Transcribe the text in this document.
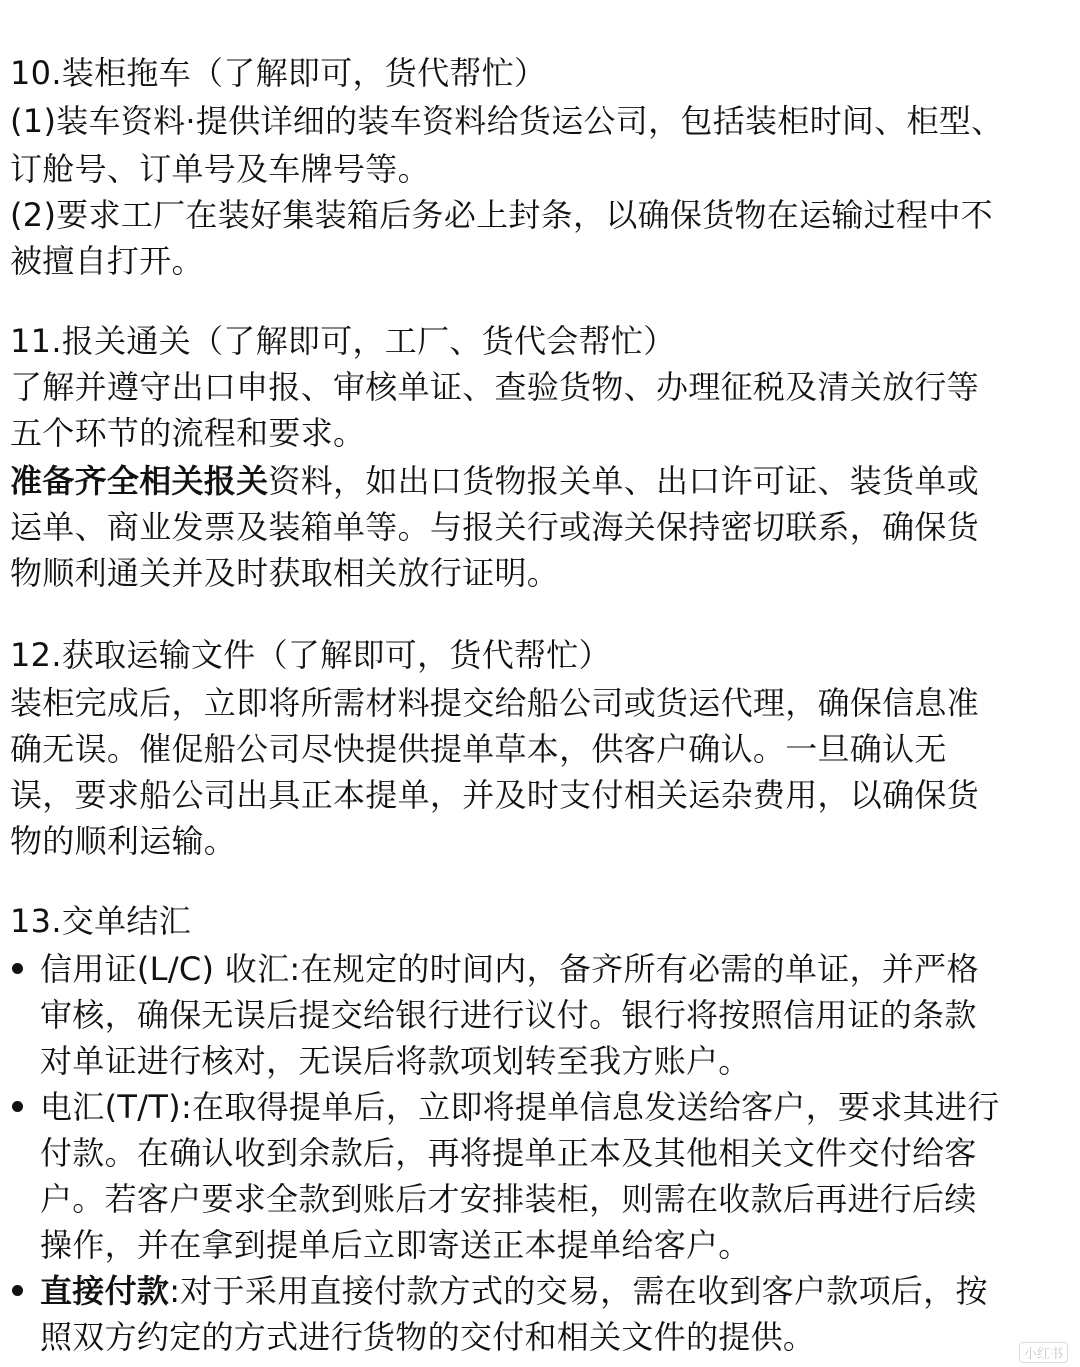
10.装柜拖车（了解即可，货代帮忙）
(1)装车资料·提供详细的装车资料给货运公司，包括装柜时间、柜型、
订舱号、订单号及车牌号等。
(2)要求工厂在装好集装箱后务必上封条，以确保货物在运输过程中不
被擅自打开。
11.报关通关（了解即可，工厂、货代会帮忙）
了解并遵守出口申报、审核单证、查验货物、办理征税及清关放行等
五个环节的流程和要求。
准备齐全相关报关资料，如出口货物报关单、出口许可证、装货单或
运单、商业发票及装箱单等。与报关行或海关保持密切联系，确保货
物顺利通关并及时获取相关放行证明。
12.获取运输文件（了解即可，货代帮忙）
装柜完成后，立即将所需材料提交给船公司或货运代理，确保信息准
确无误。催促船公司尽快提供提单草本，供客户确认。一旦确认无
误，要求船公司出具正本提单，并及时支付相关运杂费用，以确保货
物的顺利运输。
13.交单结汇
信用证(L/C) 收汇:在规定的时间内，备齐所有必需的单证，并严格
审核，确保无误后提交给银行进行议付。银行将按照信用证的条款
对单证进行核对，无误后将款项划转至我方账户。
电汇(T/T):在取得提单后，立即将提单信息发送给客户，要求其进行
付款。在确认收到余款后，再将提单正本及其他相关文件交付给客
户。若客户要求全款到账后才安排装柜，则需在收款后再进行后续
操作，并在拿到提单后立即寄送正本提单给客户。
直接付款:对于采用直接付款方式的交易，需在收到客户款项后，按
照双方约定的方式进行货物的交付和相关文件的提供。	小红书
